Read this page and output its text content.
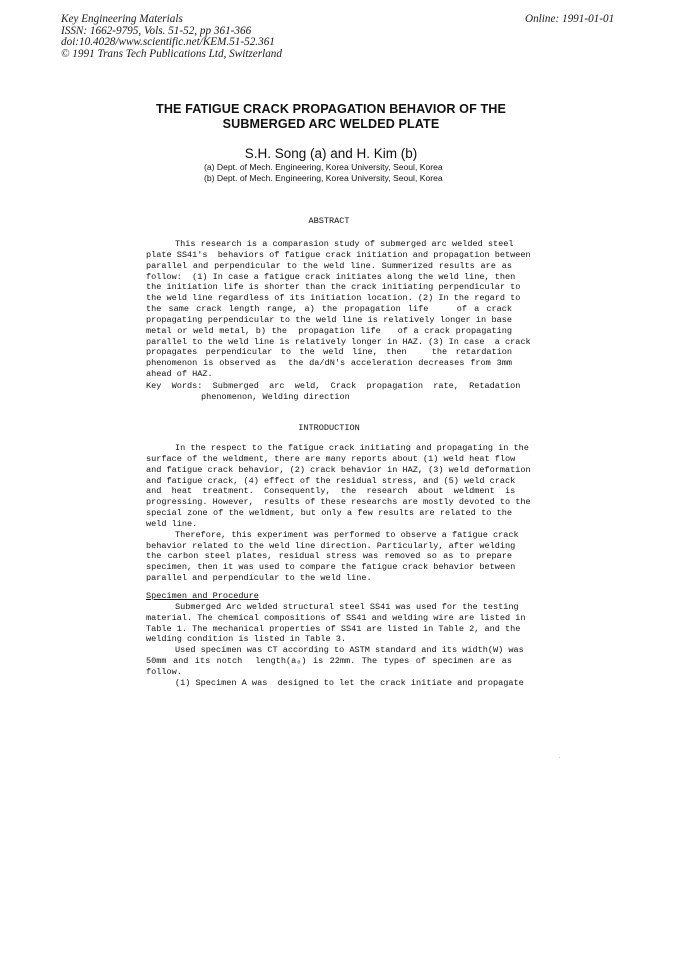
Key Engineering Materials
ISSN: 1662-9795, Vols. 51-52, pp 361-366
doi:10.4028/www.scientific.net/KEM.51-52.361
© 1991 Trans Tech Publications Ltd, Switzerland
Online: 1991-01-01
THE FATIGUE CRACK PROPAGATION BEHAVIOR OF THE
SUBMERGED ARC WELDED PLATE
S.H. Song (a) and H. Kim (b)
(a) Dept. of Mech. Engineering, Korea University, Seoul, Korea
(b) Dept. of Mech. Engineering, Korea University, Seoul, Korea
ABSTRACT
This research is a comparasion study of submerged arc welded steel
plate SS41's  behaviors of fatigue crack initiation and propagation between
parallel and perpendicular to the weld line. Summerized results are as
follow:  (1) In case a fatigue crack initiates along the weld line, then
the initiation life is shorter than the crack initiating perpendicular to
the weld line regardless of its initiation location. (2) In the regard to
the same crack length range, a) the propagation life    of a crack
propagating perpendicular to the weld line is relatively longer in base
metal or weld metal, b) the  propagation life   of a crack propagating
parallel to the weld line is relatively longer in HAZ. (3) In case  a crack
propagates perpendicular to the weld line, then   the retardation
phenomenon is observed as  the da/dN's acceleration decreases from 3mm
ahead of HAZ.
Key  Words:  Submerged  arc  weld,  Crack  propagation  rate,  Retadation
phenomenon, Welding direction
INTRODUCTION
In the respect to the fatigue crack initiating and propagating in the
surface of the weldment, there are many reports about (1) weld heat flow
and fatigue crack behavior, (2) crack behavior in HAZ, (3) weld deformation
and fatigue crack, (4) effect of the residual stress, and (5) weld crack
and  heat  treatment.  Consequently,  the  research  about  weldment  is
progressing. However,  results of these researchs are mostly devoted to the
special zone of the weldment, but only a few results are related to the
weld line.
Therefore, this experiment was performed to observe a fatigue crack
behavior related to the weld line direction. Particularly, after welding
the carbon steel plates, residual stress was removed so as to prepare
specimen, then it was used to compare the fatigue crack behavior between
parallel and perpendicular to the weld line.
Specimen and Procedure
Submerged Arc welded structural steel SS41 was used for the testing
material. The chemical compositions of SS41 and welding wire are listed in
Table 1. The mechanical properties of SS41 are listed in Table 2, and the
welding condition is listed in Table 3.
Used specimen was CT according to ASTM standard and its width(W) was
50mm and its notch  length(a₀) is 22mm. The types of specimen are as
follow.
(1) Specimen A was  designed to let the crack initiate and propagate
